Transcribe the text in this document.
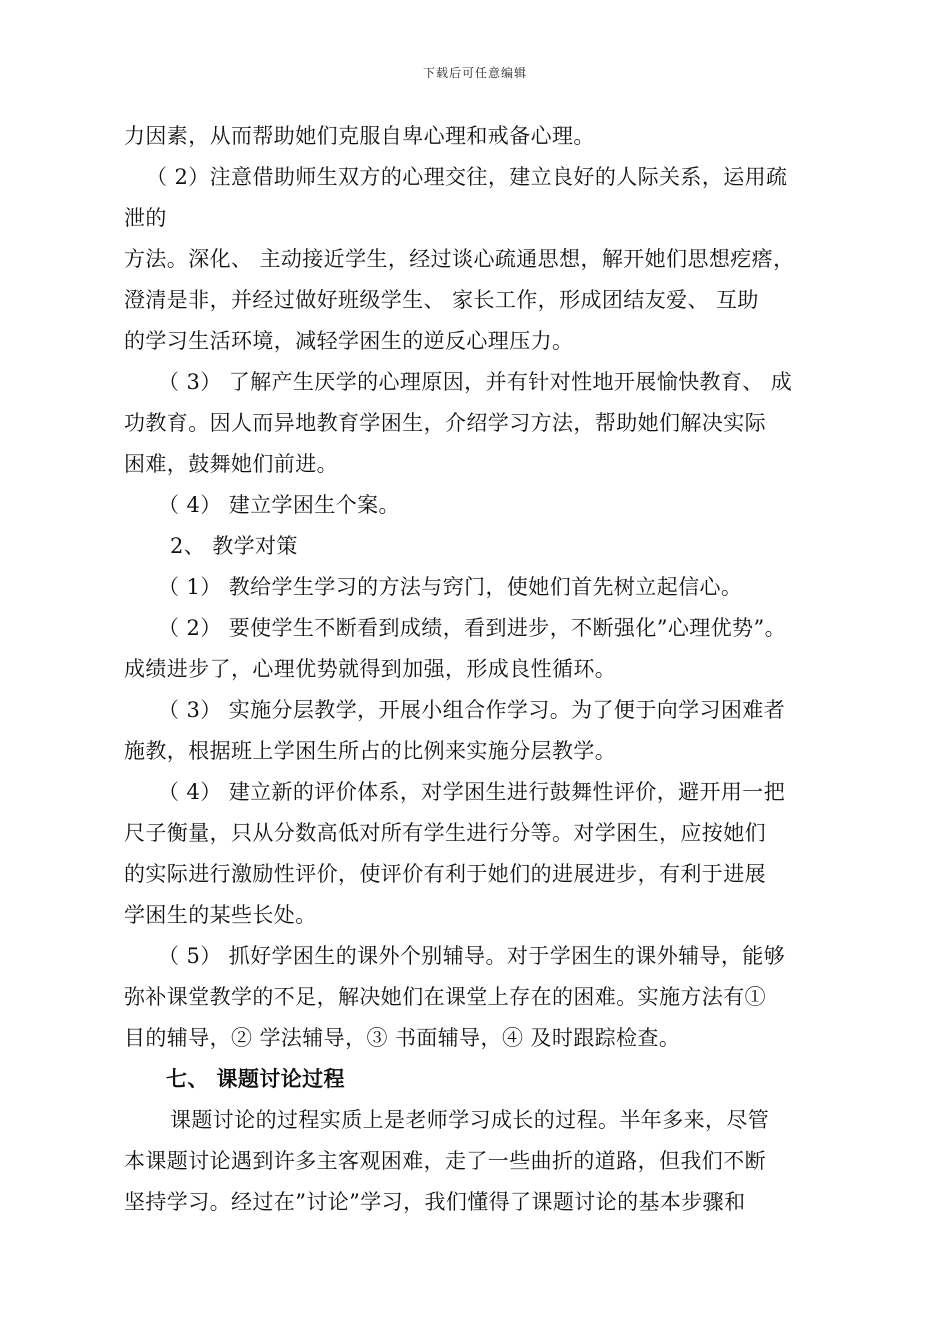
下载后可任意编辑
力因素，从而帮助她们克服自卑心理和戒备心理。
（ 2）注意借助师生双方的心理交往，建立良好的人际关系，运用疏
泄的
方法。深化、 主动接近学生，经过谈心疏通思想，解开她们思想疙瘩，
澄清是非，并经过做好班级学生、 家长工作，形成团结友爱、 互助
的学习生活环境，减轻学困生的逆反心理压力。
（ 3） 了解产生厌学的心理原因，并有针对性地开展愉快教育、 成
功教育。因人而异地教育学困生，介绍学习方法，帮助她们解决实际
困难，鼓舞她们前进。
（ 4） 建立学困生个案。
2、 教学对策
（ 1） 教给学生学习的方法与窍门，使她们首先树立起信心。
（ 2） 要使学生不断看到成绩，看到进步，不断强化”心理优势”。
成绩进步了，心理优势就得到加强，形成良性循环。
（ 3） 实施分层教学，开展小组合作学习。为了便于向学习困难者
施教，根据班上学困生所占的比例来实施分层教学。
（ 4） 建立新的评价体系，对学困生进行鼓舞性评价，避开用一把
尺子衡量，只从分数高低对所有学生进行分等。对学困生，应按她们
的实际进行激励性评价，使评价有利于她们的进展进步，有利于进展
学困生的某些长处。
（ 5） 抓好学困生的课外个别辅导。对于学困生的课外辅导，能够
弥补课堂教学的不足，解决她们在课堂上存在的困难。实施方法有①
目的辅导，② 学法辅导，③ 书面辅导，④ 及时跟踪检查。
七、 课题讨论过程
课题讨论的过程实质上是老师学习成长的过程。半年多来，尽管
本课题讨论遇到许多主客观困难，走了一些曲折的道路，但我们不断
坚持学习。经过在”讨论”学习，我们懂得了课题讨论的基本步骤和
